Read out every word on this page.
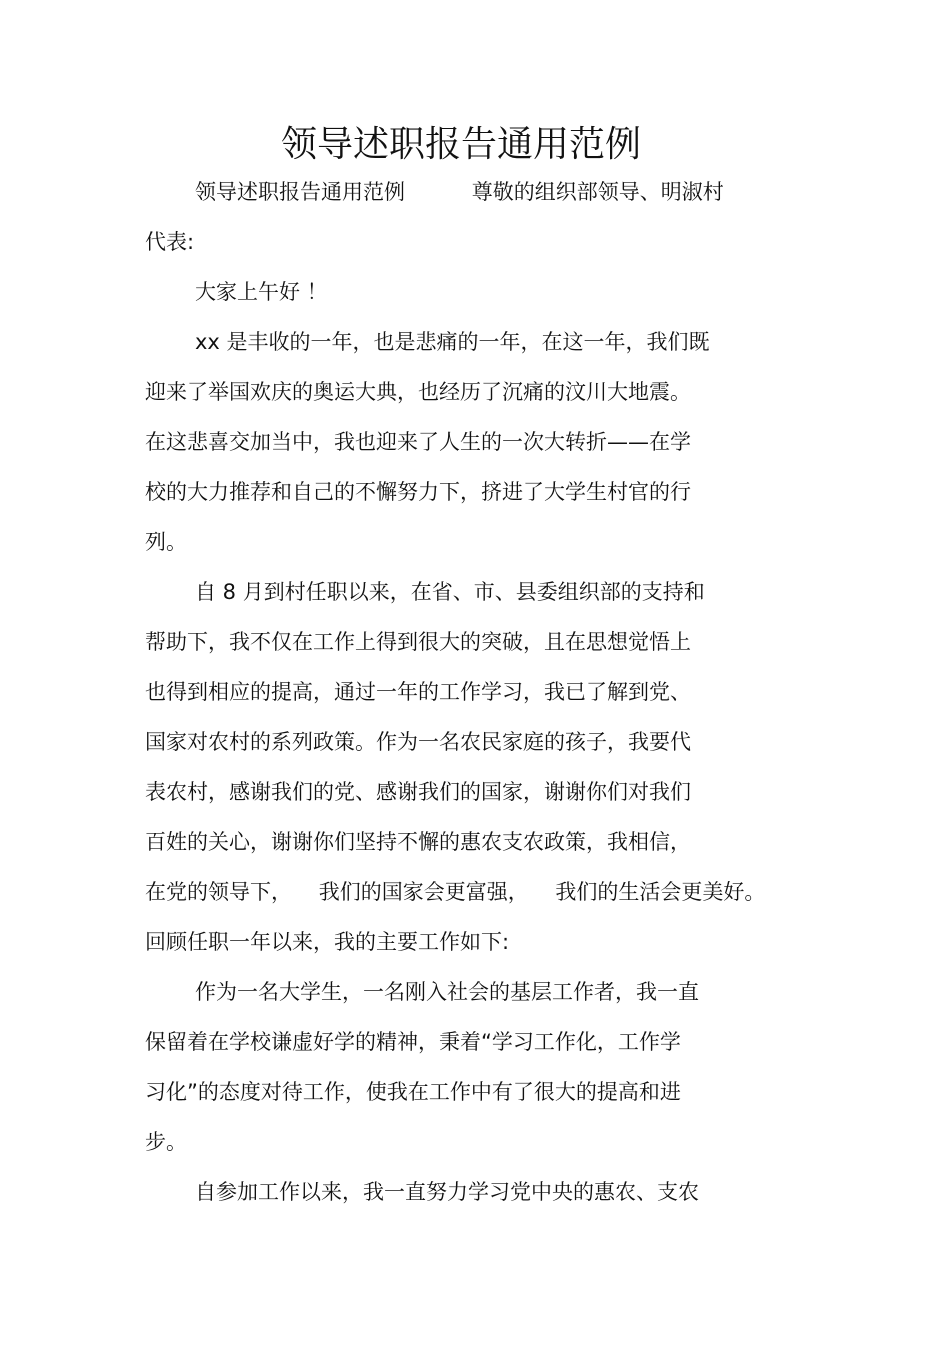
领导述职报告通用范例
领导述职报告通用范例          尊敬的组织部领导、明淑村
代表:
大家上午好 ！
xx 是丰收的一年，也是悲痛的一年，在这一年，我们既
迎来了举国欢庆的奥运大典，也经历了沉痛的汶川大地震。
在这悲喜交加当中，我也迎来了人生的一次大转折——在学
校的大力推荐和自己的不懈努力下，挤进了大学生村官的行
列。
自 8 月到村任职以来，在省、市、县委组织部的支持和
帮助下，我不仅在工作上得到很大的突破，且在思想觉悟上
也得到相应的提高，通过一年的工作学习，我已了解到党、
国家对农村的系列政策。作为一名农民家庭的孩子，我要代
表农村，感谢我们的党、感谢我们的国家，谢谢你们对我们
百姓的关心，谢谢你们坚持不懈的惠农支农政策，我相信，
在党的领导下，    我们的国家会更富强，    我们的生活会更美好。
回顾任职一年以来，我的主要工作如下:
作为一名大学生，一名刚入社会的基层工作者，我一直
保留着在学校谦虚好学的精神，秉着“学习工作化，工作学
习化”的态度对待工作，使我在工作中有了很大的提高和进
步。
自参加工作以来，我一直努力学习党中央的惠农、支农
